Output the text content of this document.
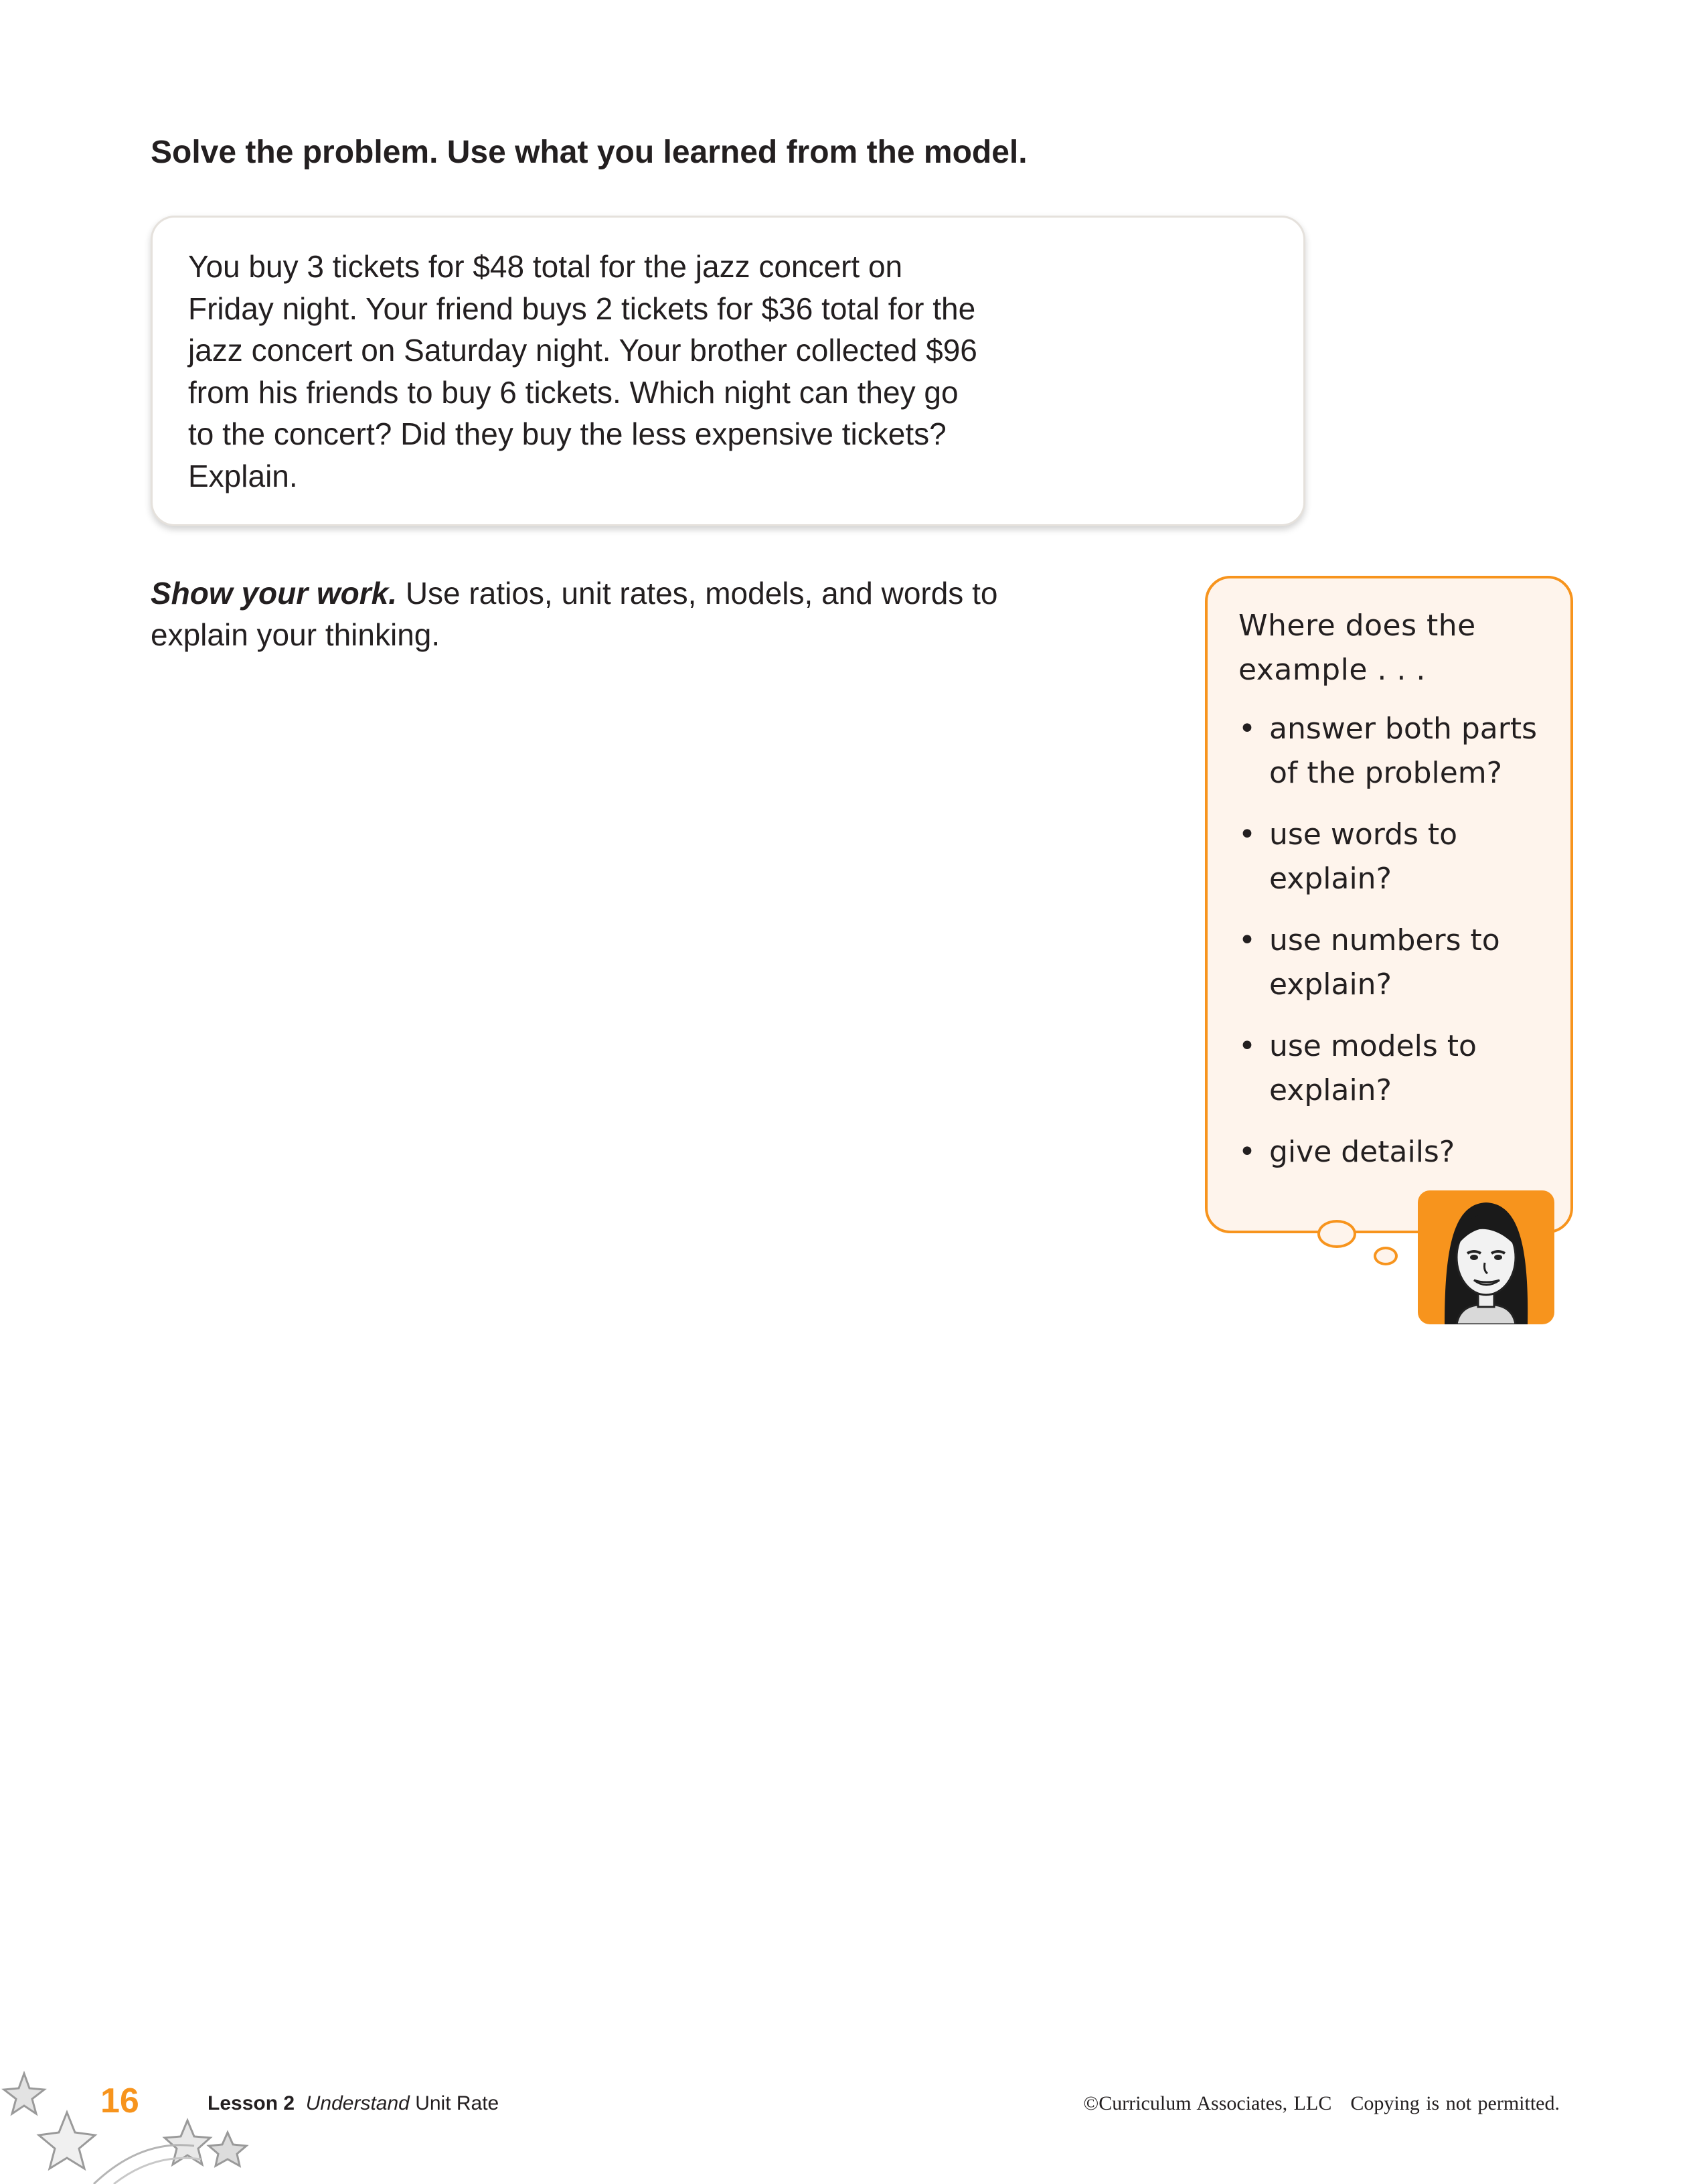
Solve the problem. Use what you learned from the model.

You buy 3 tickets for $48 total for the jazz concert on
Friday night. Your friend buys 2 tickets for $36 total for the
jazz concert on Saturday night. Your brother collected $96
from his friends to buy 6 tickets. Which night can they go
to the concert? Did they buy the less expensive tickets?
Explain.

Show your work. Use ratios, unit rates, models, and words to explain your thinking.	Where does the
example . . .

• answer both parts
of the problem?
• use words to
explain?
• use numbers to
explain?
• use models to
explain?
• give details?
16	Lesson 2 Understand Unit Rate	©Curriculum Associates, LLC Copying is not permitted.
